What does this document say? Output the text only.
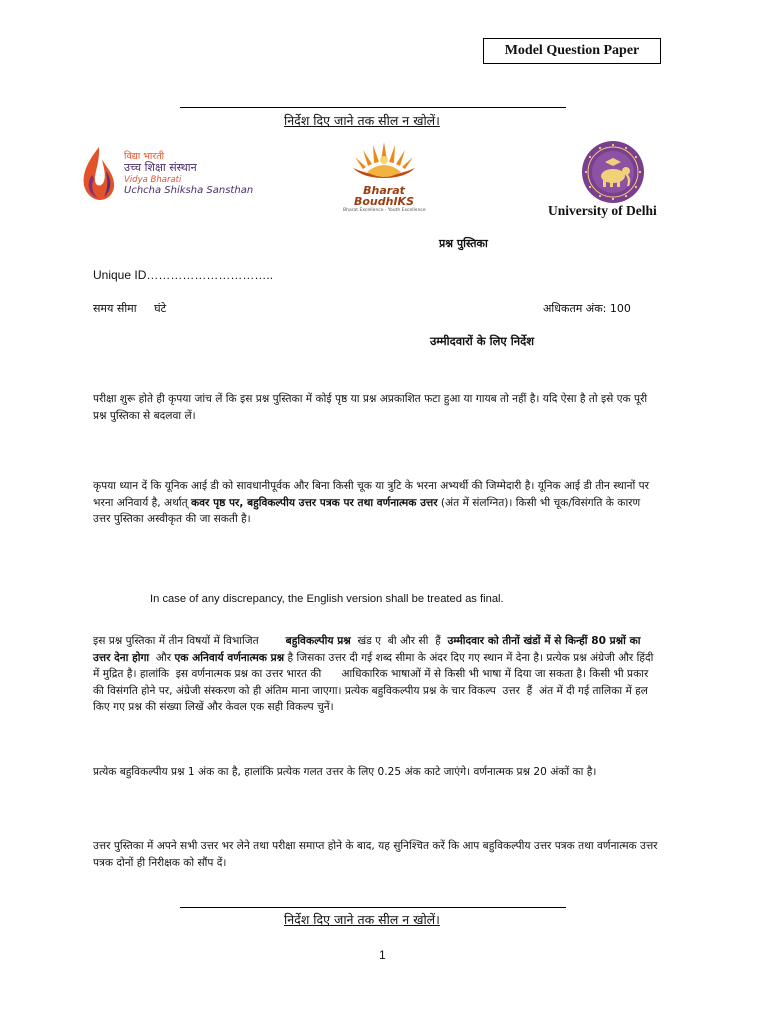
Model Question Paper
निर्देश दिए जाने तक सील न खोलें।
विद्या भारती
उच्च शिक्षा संस्थान
Vidya Bharati
Uchcha Shiksha Sansthan	Bharat
BoudhIKS
Bharat Excellence · Youth Excellence	University of Delhi
प्रश्न पुस्तिका
Unique ID…………………………..
समय सीमा     घंटे	अधिकतम अंक: 100
उम्मीदवारों के लिए निर्देश
परीक्षा शुरू होते ही कृपया जांच लें कि इस प्रश्न पुस्तिका में कोई पृष्ठ या प्रश्न अप्रकाशित फटा हुआ या गायब तो नहीं है। यदि ऐसा है तो इसे एक पूरी प्रश्न पुस्तिका से बदलवा लें।
कृपया ध्यान दें कि यूनिक आई डी को सावधानीपूर्वक और बिना किसी चूक या त्रुटि के भरना अभ्यर्थी की जिम्मेदारी है। यूनिक आई डी तीन स्थानों पर भरना अनिवार्य है, अर्थात् कवर पृष्ठ पर, बहुविकल्पीय उत्तर पत्रक पर तथा वर्णनात्मक उत्तर (अंत में संलग्नित)। किसी भी चूक/विसंगति के कारण उत्तर पुस्तिका अस्वीकृत की जा सकती है।
In case of any discrepancy, the English version shall be treated as final.
इस प्रश्न पुस्तिका में तीन विषयों में विभाजित        बहुविकल्पीय प्रश्न  खंड ए  बी और सी  हैं  उम्मीदवार को तीनों खंडों में से किन्हीं 80 प्रश्नों का उत्तर देना होगा  और एक अनिवार्य वर्णनात्मक प्रश्न है जिसका उत्तर दी गई शब्द सीमा के अंदर दिए गए स्थान में देना है। प्रत्येक प्रश्न अंग्रेजी और हिंदी में मुद्रित है। हालांकि  इस वर्णनात्मक प्रश्न का उत्तर भारत की      आधिकारिक भाषाओं में से किसी भी भाषा में दिया जा सकता है। किसी भी प्रकार की विसंगति होने पर, अंग्रेजी संस्करण को ही अंतिम माना जाएगा। प्रत्येक बहुविकल्पीय प्रश्न के चार विकल्प  उत्तर  हैं  अंत में दी गई तालिका में हल किए गए प्रश्न की संख्या लिखें और केवल एक सही विकल्प चुनें।
प्रत्येक बहुविकल्पीय प्रश्न 1 अंक का है, हालांकि प्रत्येक गलत उत्तर के लिए 0.25 अंक काटे जाएंगे। वर्णनात्मक प्रश्न 20 अंकों का है।
उत्तर पुस्तिका में अपने सभी उत्तर भर लेने तथा परीक्षा समाप्त होने के बाद, यह सुनिश्चित करें कि आप बहुविकल्पीय उत्तर पत्रक तथा वर्णनात्मक उत्तर पत्रक दोनों ही निरीक्षक को सौंप दें।
निर्देश दिए जाने तक सील न खोलें।
1
